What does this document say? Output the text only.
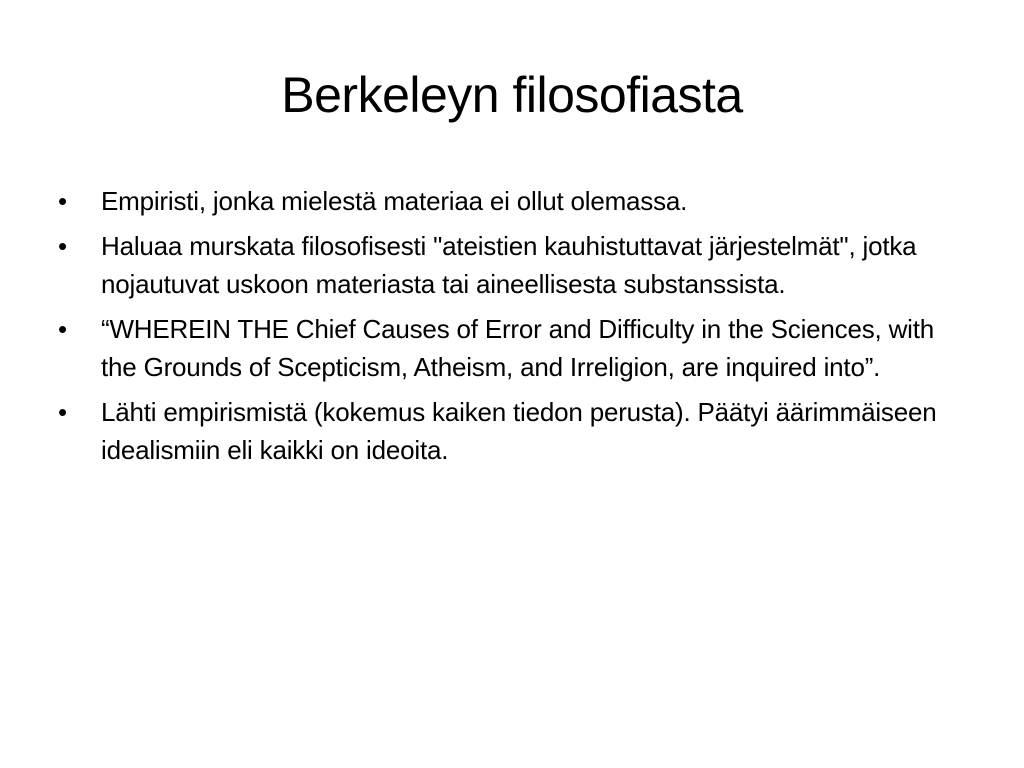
Berkeleyn filosofiasta
•	Empiristi, jonka mielestä materiaa ei ollut olemassa.
•	Haluaa murskata filosofisesti "ateistien kauhistuttavat järjestelmät", jotka nojautuvat uskoon materiasta tai aineellisesta substanssista.
•	“WHEREIN THE Chief Causes of Error and Difficulty in the Sciences, with the Grounds of Scepticism, Atheism, and Irreligion, are inquired into”.
•	Lähti empirismistä (kokemus kaiken tiedon perusta). Päätyi äärimmäiseen idealismiin eli kaikki on ideoita.
